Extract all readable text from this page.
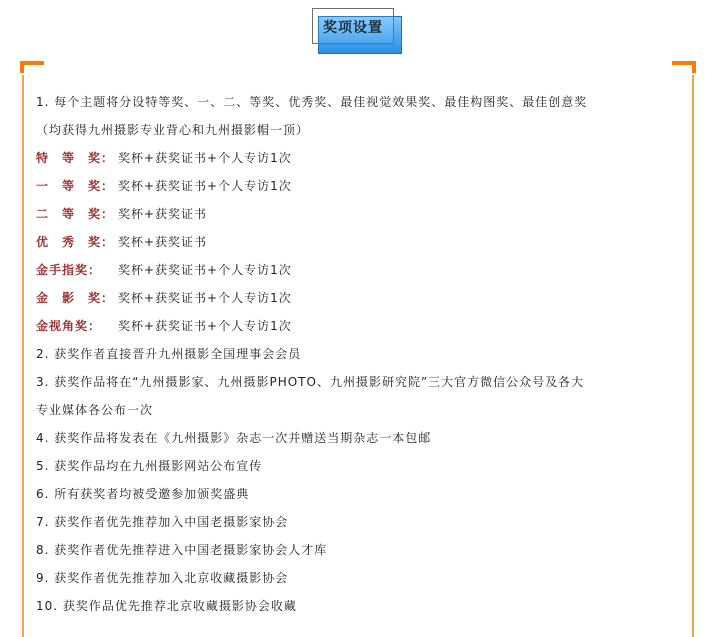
奖项设置
1. 每个主题将分设特等奖、一、二、等奖、优秀奖、最佳视觉效果奖、最佳构图奖、最佳创意奖
（均获得九州摄影专业背心和九州摄影帽一顶）
特　等　奖： 奖杯+获奖证书+个人专访1次
一　等　奖： 奖杯+获奖证书+个人专访1次
二　等　奖： 奖杯+获奖证书
优　秀　奖： 奖杯+获奖证书
金手指奖： 奖杯+获奖证书+个人专访1次
金　影　奖： 奖杯+获奖证书+个人专访1次
金视角奖： 奖杯+获奖证书+个人专访1次
2. 获奖作者直接晋升九州摄影全国理事会会员
3. 获奖作品将在“九州摄影家、九州摄影PHOTO、九州摄影研究院”三大官方微信公众号及各大
专业媒体各公布一次
4. 获奖作品将发表在《九州摄影》杂志一次并赠送当期杂志一本包邮
5. 获奖作品均在九州摄影网站公布宣传
6. 所有获奖者均被受邀参加颁奖盛典
7. 获奖作者优先推荐加入中国老摄影家协会
8. 获奖作者优先推荐进入中国老摄影家协会人才库
9. 获奖作者优先推荐加入北京收藏摄影协会
10. 获奖作品优先推荐北京收藏摄影协会收藏
